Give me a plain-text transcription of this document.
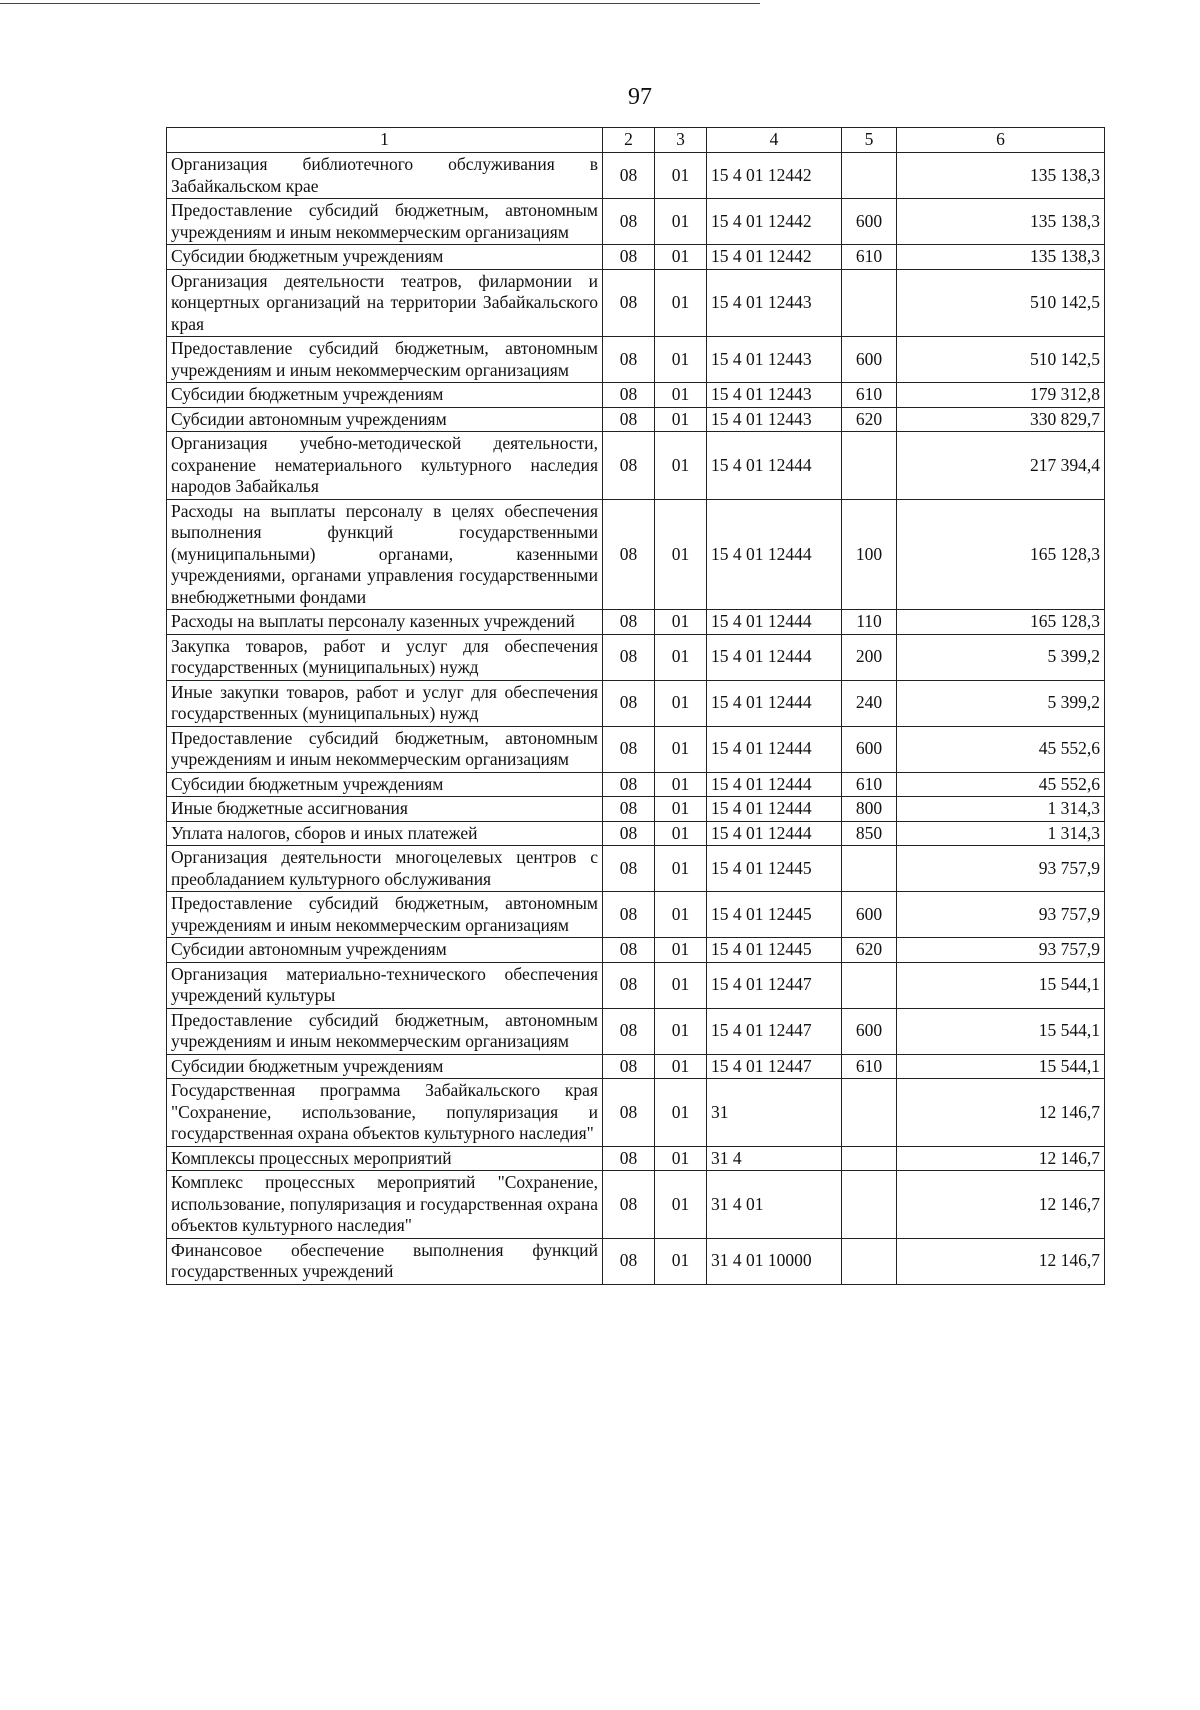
97
1	2	3	4	5	6
Организация библиотечного обслуживания в Забайкальском крае	08	01	15 4 01 12442		135 138,3
Предоставление субсидий бюджетным, автономным учреждениям и иным некоммерческим организациям	08	01	15 4 01 12442	600	135 138,3
Субсидии бюджетным учреждениям	08	01	15 4 01 12442	610	135 138,3
Организация деятельности театров, филармонии и концертных организаций на территории Забайкальского края	08	01	15 4 01 12443		510 142,5
Предоставление субсидий бюджетным, автономным учреждениям и иным некоммерческим организациям	08	01	15 4 01 12443	600	510 142,5
Субсидии бюджетным учреждениям	08	01	15 4 01 12443	610	179 312,8
Субсидии автономным учреждениям	08	01	15 4 01 12443	620	330 829,7
Организация учебно-методической деятельности, сохранение нематериального культурного наследия народов Забайкалья	08	01	15 4 01 12444		217 394,4
Расходы на выплаты персоналу в целях обеспечения выполнения функций государственными (муниципальными) органами, казенными учреждениями, органами управления государственными внебюджетными фондами	08	01	15 4 01 12444	100	165 128,3
Расходы на выплаты персоналу казенных учреждений	08	01	15 4 01 12444	110	165 128,3
Закупка товаров, работ и услуг для обеспечения государственных (муниципальных) нужд	08	01	15 4 01 12444	200	5 399,2
Иные закупки товаров, работ и услуг для обеспечения государственных (муниципальных) нужд	08	01	15 4 01 12444	240	5 399,2
Предоставление субсидий бюджетным, автономным учреждениям и иным некоммерческим организациям	08	01	15 4 01 12444	600	45 552,6
Субсидии бюджетным учреждениям	08	01	15 4 01 12444	610	45 552,6
Иные бюджетные ассигнования	08	01	15 4 01 12444	800	1 314,3
Уплата налогов, сборов и иных платежей	08	01	15 4 01 12444	850	1 314,3
Организация деятельности многоцелевых центров с преобладанием культурного обслуживания	08	01	15 4 01 12445		93 757,9
Предоставление субсидий бюджетным, автономным учреждениям и иным некоммерческим организациям	08	01	15 4 01 12445	600	93 757,9
Субсидии автономным учреждениям	08	01	15 4 01 12445	620	93 757,9
Организация материально-технического обеспечения учреждений культуры	08	01	15 4 01 12447		15 544,1
Предоставление субсидий бюджетным, автономным учреждениям и иным некоммерческим организациям	08	01	15 4 01 12447	600	15 544,1
Субсидии бюджетным учреждениям	08	01	15 4 01 12447	610	15 544,1
Государственная программа Забайкальского края "Сохранение, использование, популяризация и государственная охрана объектов культурного наследия"	08	01	31		12 146,7
Комплексы процессных мероприятий	08	01	31 4		12 146,7
Комплекс процессных мероприятий "Сохранение, использование, популяризация и государственная охрана объектов культурного наследия"	08	01	31 4 01		12 146,7
Финансовое обеспечение выполнения функций государственных учреждений	08	01	31 4 01 10000		12 146,7
